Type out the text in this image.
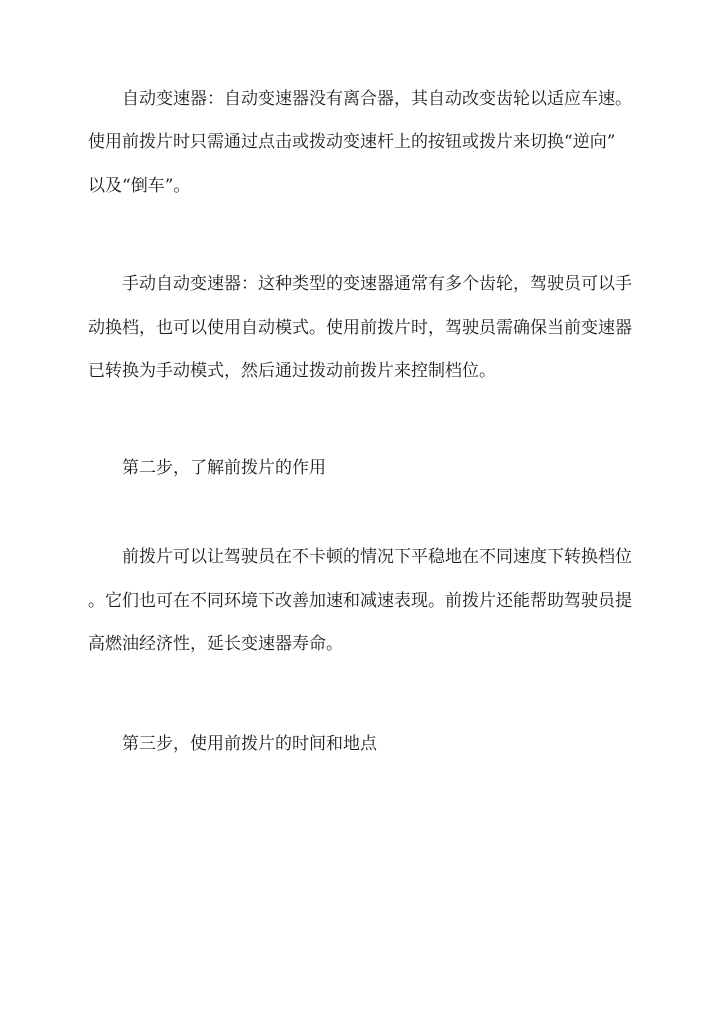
自动变速器：自动变速器没有离合器，其自动改变齿轮以适应车速。
使用前拨片时只需通过点击或拨动变速杆上的按钮或拨片来切换“逆向”
以及“倒车”。
手动自动变速器：这种类型的变速器通常有多个齿轮，驾驶员可以手
动换档，也可以使用自动模式。使用前拨片时，驾驶员需确保当前变速器
已转换为手动模式，然后通过拨动前拨片来控制档位。
第二步，了解前拨片的作用
前拨片可以让驾驶员在不卡顿的情况下平稳地在不同速度下转换档位
。它们也可在不同环境下改善加速和减速表现。前拨片还能帮助驾驶员提
高燃油经济性，延长变速器寿命。
第三步，使用前拨片的时间和地点
